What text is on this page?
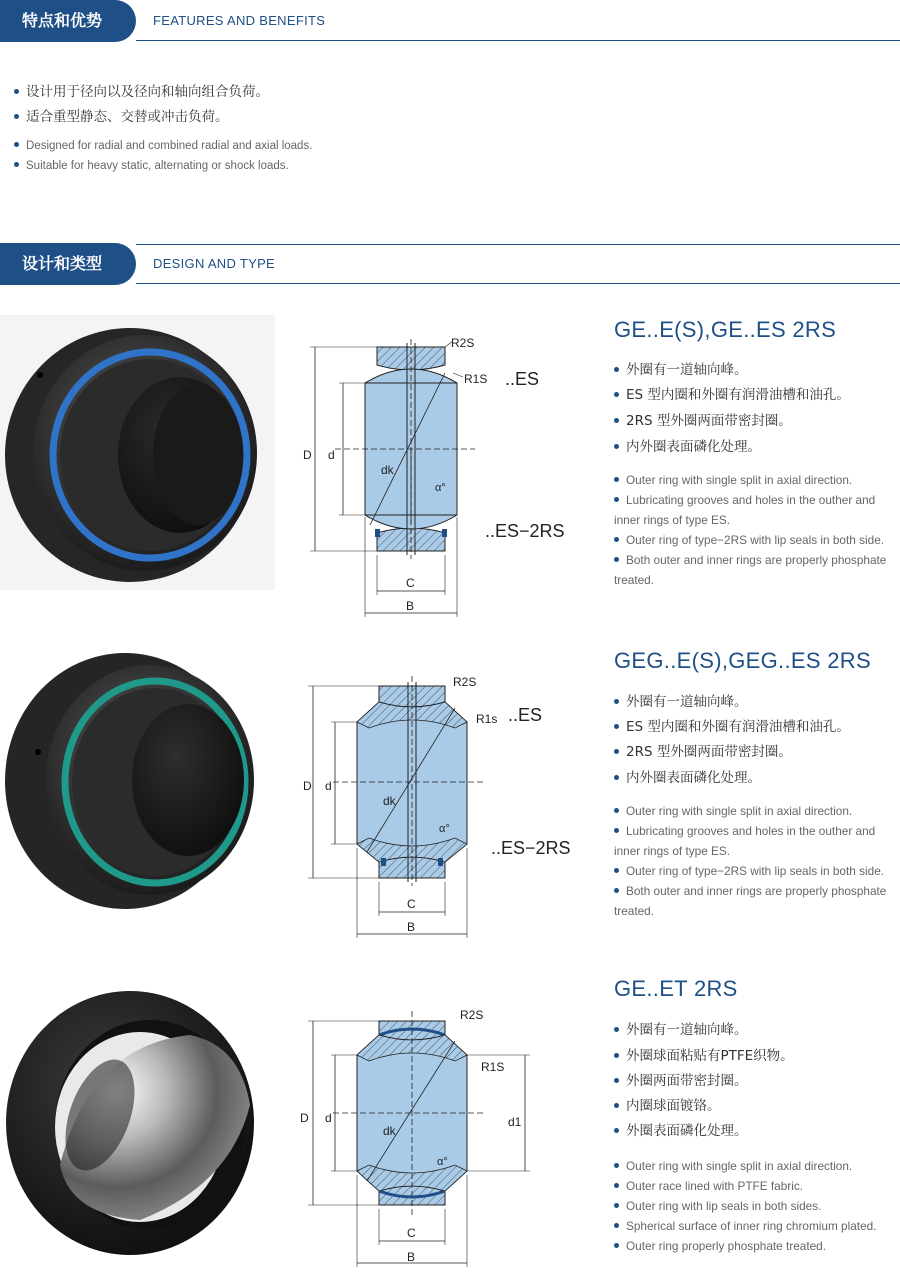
特点和优势	FEATURES AND BENEFITS
设计用于径向以及径向和轴向组合负荷。
适合重型静态、交替或冲击负荷。
Designed for radial and combined radial and axial loads.
Suitable for heavy static, alternating or shock loads.
设计和类型	DESIGN AND TYPE
R2S
R1S ..ES
..ES−2RS
D d
dk
α°
C
B
GE..E(S),GE..ES 2RS
外圈有一道轴向峰。
ES 型内圈和外圈有润滑油槽和油孔。
2RS 型外圈两面带密封圈。
内外圈表面磷化处理。
Outer ring with single split in axial direction.
Lubricating grooves and holes in the outher and inner rings of type ES.
Outer ring of type−2RS with lip seals in both side.
Both outer and inner rings are properly phosphate treated.
R2S
R1s ..ES
..ES−2RS
D d
dk
α°
C
B
GEG..E(S),GEG..ES 2RS
外圈有一道轴向峰。
ES 型内圈和外圈有润滑油槽和油孔。
2RS 型外圈两面带密封圈。
内外圈表面磷化处理。
Outer ring with single split in axial direction.
Lubricating grooves and holes in the outher and inner rings of type ES.
Outer ring of type−2RS with lip seals in both side.
Both outer and inner rings are properly phosphate treated.
R2S
R1S
d1
D d
dk
α°
C
B
GE..ET 2RS
外圈有一道轴向峰。
外圈球面粘贴有PTFE织物。
外圈两面带密封圈。
内圈球面镀铬。
外圈表面磷化处理。
Outer ring with single split in axial direction.
Outer race lined with PTFE fabric.
Outer ring with lip seals in both sides.
Spherical surface of inner ring chromium plated.
Outer ring properly phosphate treated.
